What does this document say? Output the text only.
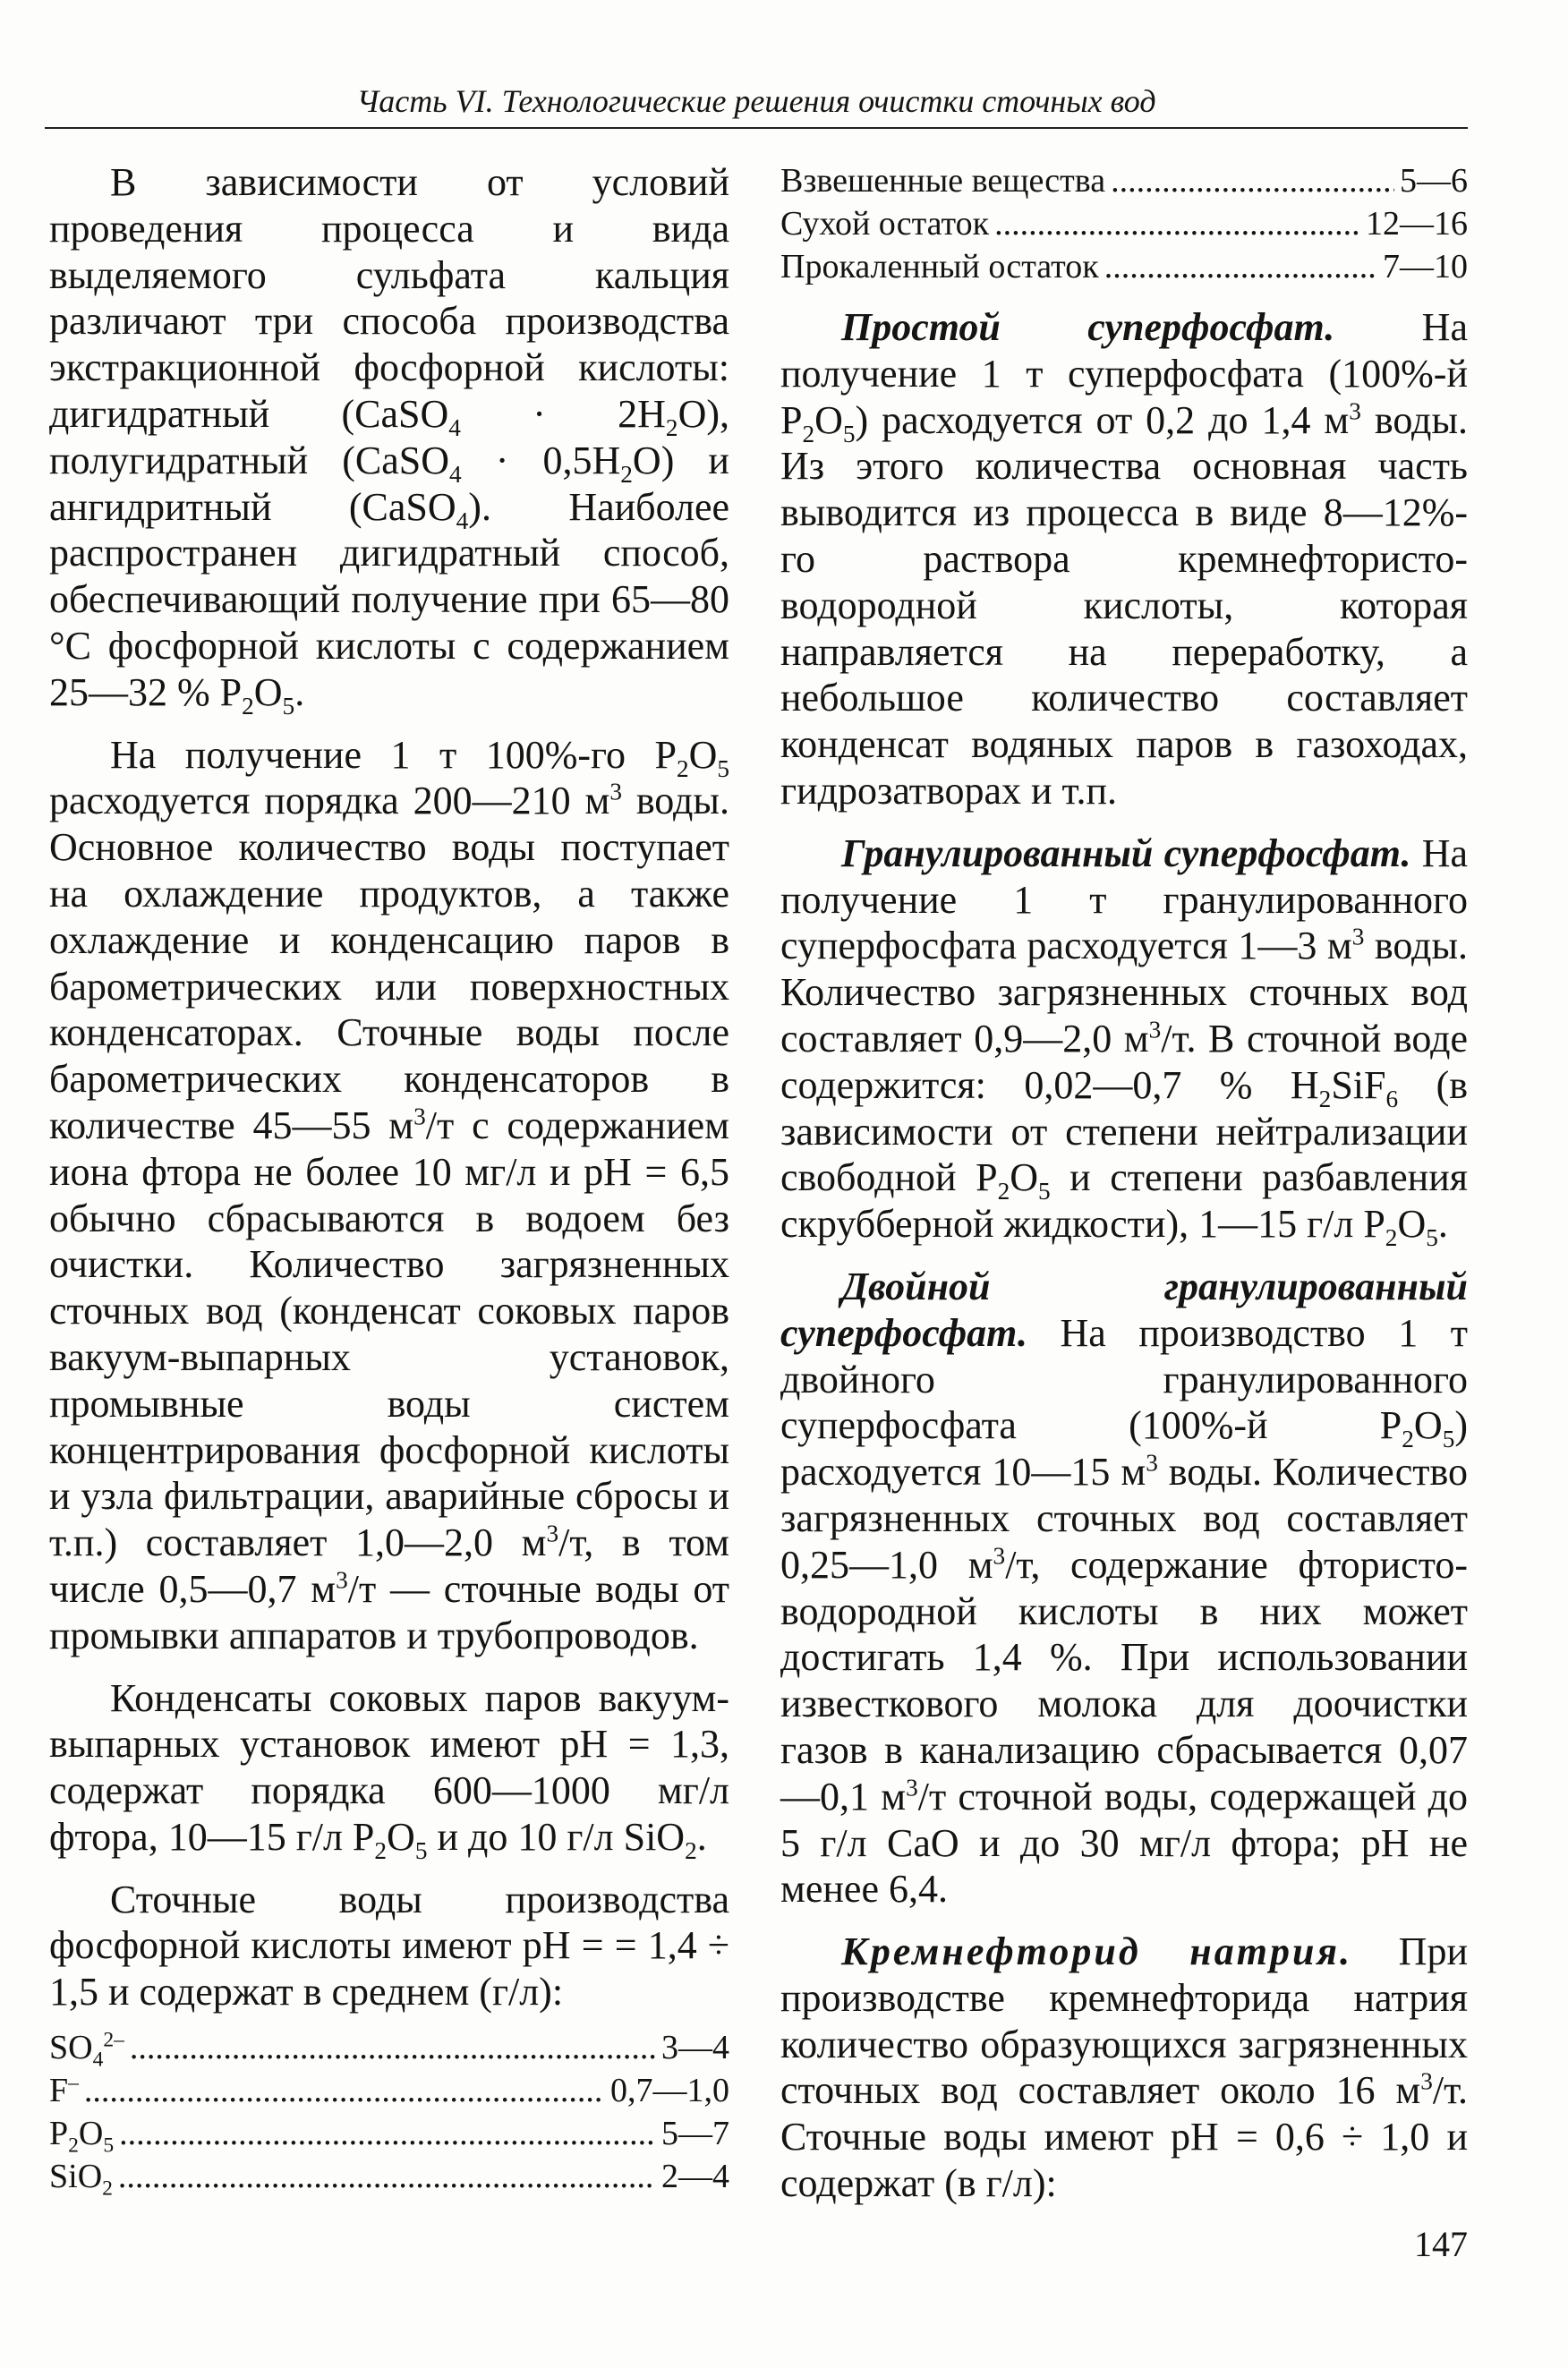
Часть VI. Технологические решения очистки сточных вод

В зависимости от условий проведения процесса и вида выделяемого сульфата кальция различают три способа производства экстракционной фосфорной кислоты: дигидратный (CaSO$_4$ · $2H_2O$), полугидратный (CaSO$_4$ · $0,5H_2O$) и ангидритный (CaSO$_4$). Наиболее распространен дигидратный способ, обеспечивающий получение при 65—80 °С фосфорной кислоты с содержанием 25—32 % $P_2O_5$.

На получение 1 т 100%-го $P_2O_5$ расходуется порядка 200—210 $м^3$ воды. Основное количество воды поступает на охлаждение продуктов, а также охлаждение и конденсацию паров в барометрических или поверхностных конденсаторах. Сточные воды после барометрических конденсаторов в количестве 45—55 $м^3/т$ с содержанием иона фтора не более 10 мг/л и pH = 6,5 обычно сбрасываются в водоем без очистки. Количество загрязненных сточных вод (конденсат соковых паров вакуум-выпарных установок, промывные воды систем концентрирования фосфорной кислоты и узла фильтрации, аварийные сбросы и т.п.) составляет 1,0—2,0 $м^3/т$, в том числе 0,5—0,7 $м^3/т$ — сточные воды от промывки аппаратов и трубопроводов.

Конденсаты соковых паров вакуум-выпарных установок имеют pH = 1,3, содержат порядка 600—1000 мг/л фтора, 10—15 г/л $P_2O_5$ и до 10 г/л SiO$_2$.

Сточные воды производства фосфорной кислоты имеют pH = = 1,4 ÷ 1,5 и содержат в среднем (г/л):

$SO_4^{2-}$ .....	3—4
F– .....	0,7—1,0
$P_2O_5$ .....	5—7
SiO$_2$ .....	2—4
Взвешенные вещества .....	5—6
Сухой остаток .....	12—16
Прокаленный остаток .....	7—10

Простой суперфосфат. На получение 1 т суперфосфата (100%-й $P_2O_5$) расходуется от 0,2 до 1,4 $м^3$ воды. Из этого количества основная часть выводится из процесса в виде 8—12%-го раствора кремнефтористо-водородной кислоты, которая направляется на переработку, а небольшое количество составляет конденсат водяных паров в газоходах, гидрозатворах и т.п.

Гранулированный суперфосфат. На получение 1 т гранулированного суперфосфата расходуется 1—3 $м^3$ воды. Количество загрязненных сточных вод составляет 0,9—2,0 $м^3/т$. В сточной воде содержится: 0,02—0,7 % $H_2SiF_6$ (в зависимости от степени нейтрализации свободной $P_2O_5$ и степени разбавления скрубберной жидкости), 1—15 г/л $P_2O_5$.

Двойной гранулированный суперфосфат. На производство 1 т двойного гранулированного суперфосфата (100%-й $P_2O_5$) расходуется 10—15 $м^3$ воды. Количество загрязненных сточных вод составляет 0,25—1,0 $м^3/т$, содержание фтористо-водородной кислоты в них может достигать 1,4 %. При использовании известкового молока для доочистки газов в канализацию сбрасывается 0,07—0,1 $м^3/т$ сточной воды, содержащей до 5 г/л CaO и до 30 мг/л фтора; pH не менее 6,4.

Кремнефторид натрия. При производстве кремнефторида натрия количество образующихся загрязненных сточных вод составляет около 16 $м^3/т$. Сточные воды имеют pH = 0,6 ÷ 1,0 и содержат (в г/л):

147
